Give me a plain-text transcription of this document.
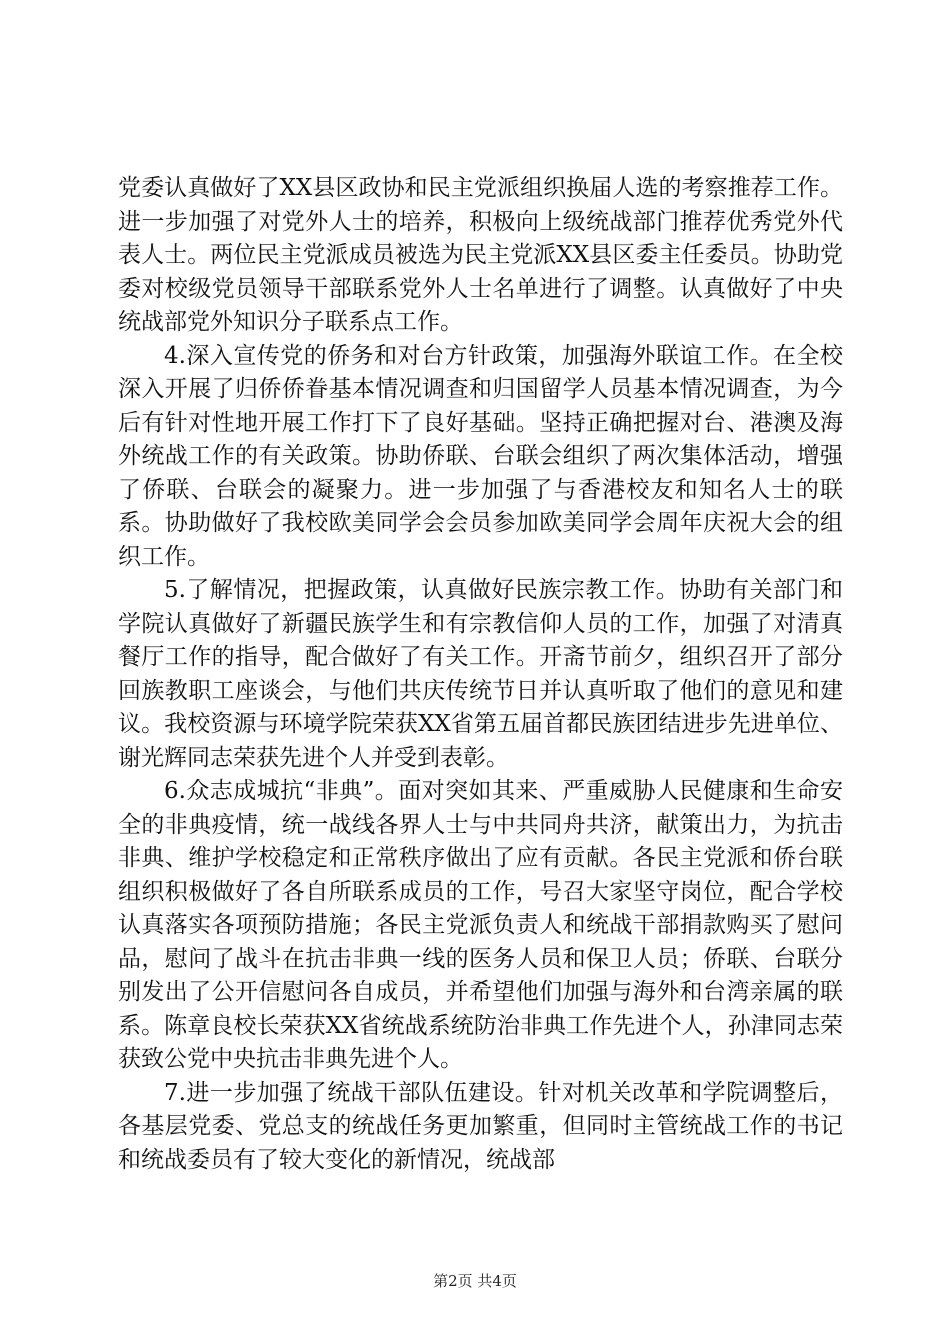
党委认真做好了XX县区政协和民主党派组织换届人选的考察推荐工作。进一步加强了对党外人士的培养，积极向上级统战部门推荐优秀党外代表人士。两位民主党派成员被选为民主党派XX县区委主任委员。协助党委对校级党员领导干部联系党外人士名单进行了调整。认真做好了中央统战部党外知识分子联系点工作。

4.深入宣传党的侨务和对台方针政策，加强海外联谊工作。在全校深入开展了归侨侨眷基本情况调查和归国留学人员基本情况调查，为今后有针对性地开展工作打下了良好基础。坚持正确把握对台、港澳及海外统战工作的有关政策。协助侨联、台联会组织了两次集体活动，增强了侨联、台联会的凝聚力。进一步加强了与香港校友和知名人士的联系。协助做好了我校欧美同学会会员参加欧美同学会周年庆祝大会的组织工作。

5.了解情况，把握政策，认真做好民族宗教工作。协助有关部门和学院认真做好了新疆民族学生和有宗教信仰人员的工作，加强了对清真餐厅工作的指导，配合做好了有关工作。开斋节前夕，组织召开了部分回族教职工座谈会，与他们共庆传统节日并认真听取了他们的意见和建议。我校资源与环境学院荣获XX省第五届首都民族团结进步先进单位、谢光辉同志荣获先进个人并受到表彰。

6.众志成城抗“非典”。面对突如其来、严重威胁人民健康和生命安全的非典疫情，统一战线各界人士与中共同舟共济，献策出力，为抗击非典、维护学校稳定和正常秩序做出了应有贡献。各民主党派和侨台联组织积极做好了各自所联系成员的工作，号召大家坚守岗位，配合学校认真落实各项预防措施；各民主党派负责人和统战干部捐款购买了慰问品，慰问了战斗在抗击非典一线的医务人员和保卫人员；侨联、台联分别发出了公开信慰问各自成员，并希望他们加强与海外和台湾亲属的联系。陈章良校长荣获XX省统战系统防治非典工作先进个人，孙津同志荣获致公党中央抗击非典先进个人。

7.进一步加强了统战干部队伍建设。针对机关改革和学院调整后，各基层党委、党总支的统战任务更加繁重，但同时主管统战工作的书记和统战委员有了较大变化的新情况，统战部

第2页 共4页
